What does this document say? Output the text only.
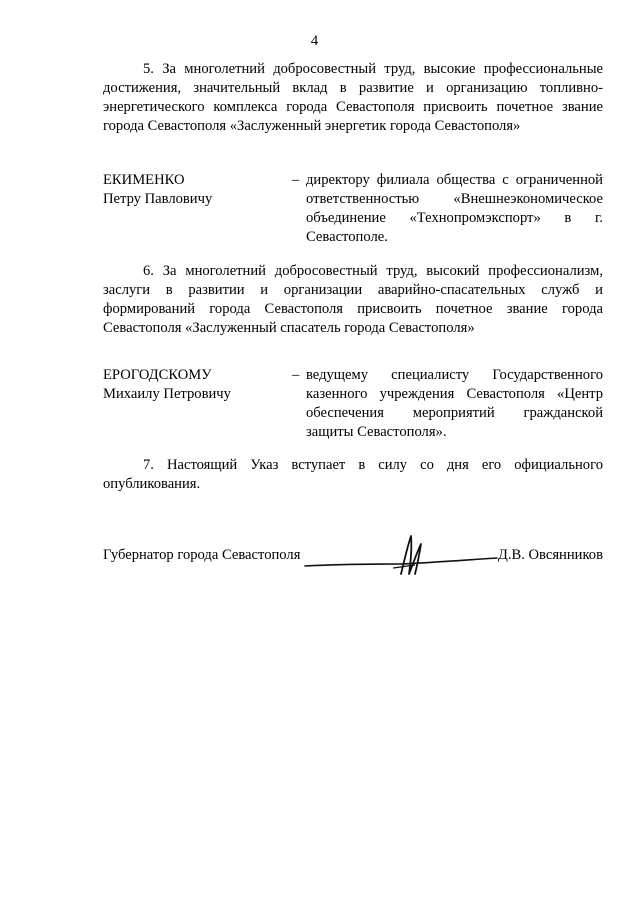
4

5. За многолетний добросовестный труд, высокие профессиональные достижения, значительный вклад в развитие и организацию топливно-энергетического комплекса города Севастополя присвоить почетное звание города Севастополя «Заслуженный энергетик города Севастополя»

ЕКИМЕНКО
Петру Павловичу
– директору филиала общества с ограниченной ответственностью «Внешнеэкономическое объединение «Технопромэкспорт» в г. Севастополе.

6. За многолетний добросовестный труд, высокий профессионализм, заслуги в развитии и организации аварийно-спасательных служб и формирований города Севастополя присвоить почетное звание города Севастополя «Заслуженный спасатель города Севастополя»

ЕРОГОДСКОМУ
Михаилу Петровичу
– ведущему специалисту Государственного казенного учреждения Севастополя «Центр обеспечения мероприятий гражданской защиты Севастополя».

7. Настоящий Указ вступает в силу со дня его официального опубликования.

Губернатор города Севастополя	Д.В. Овсянников
